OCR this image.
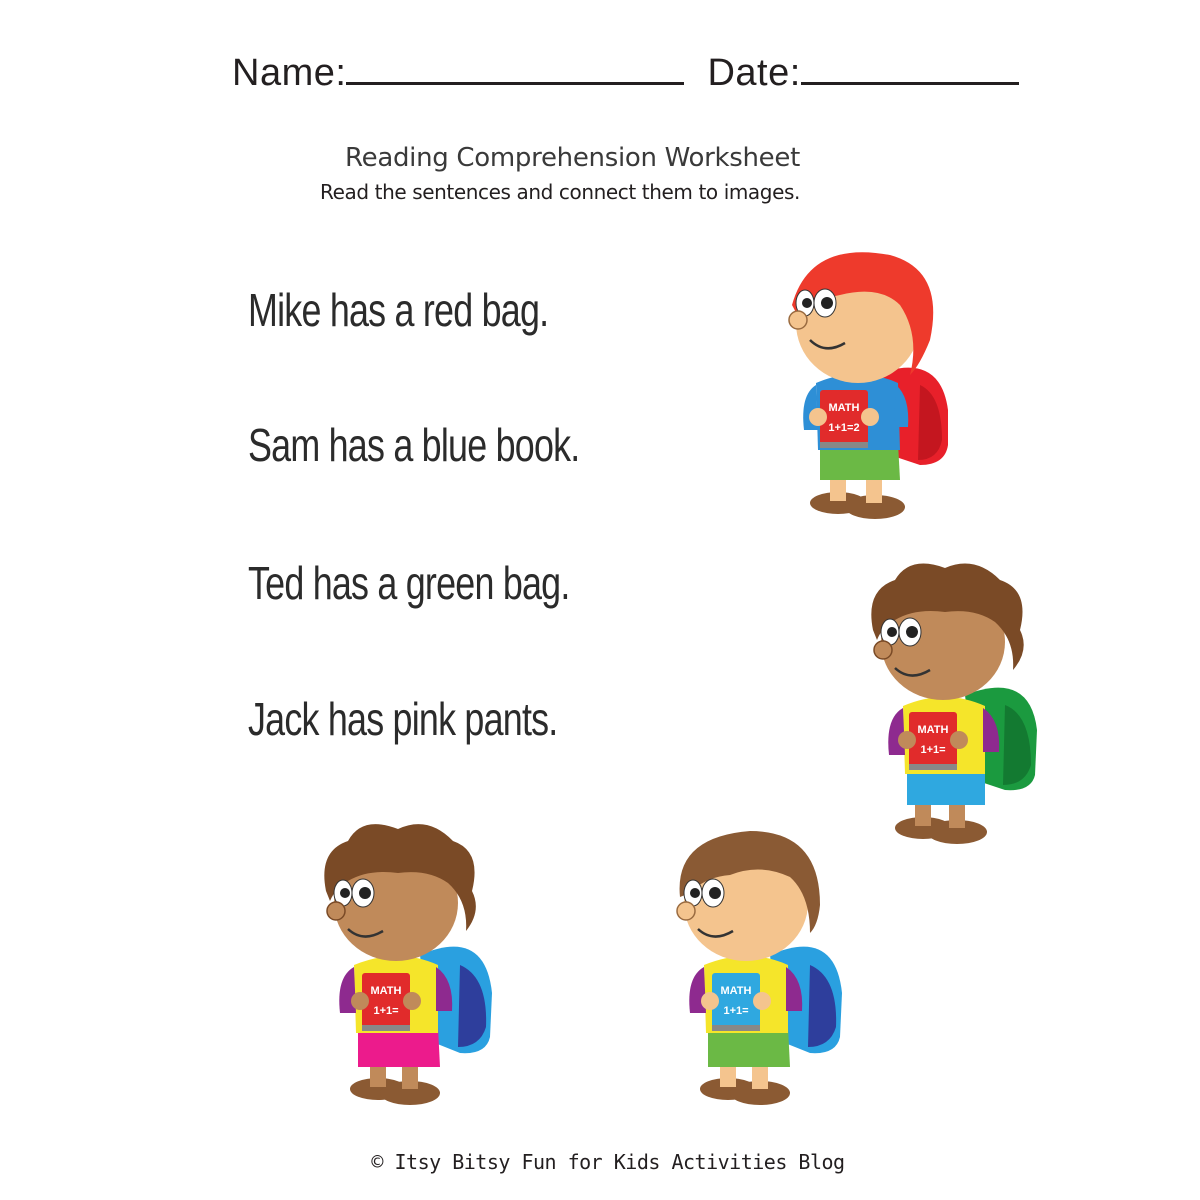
Name:	Date:
Reading Comprehension Worksheet
Read the sentences and connect them to images.
Mike has a red bag.
Sam has a blue book.
Ted has a green bag.
Jack has pink pants.
MATH
1+1=2
MATH
1+1=
MATH
1+1=
MATH
1+1=
© Itsy Bitsy Fun for Kids Activities Blog
